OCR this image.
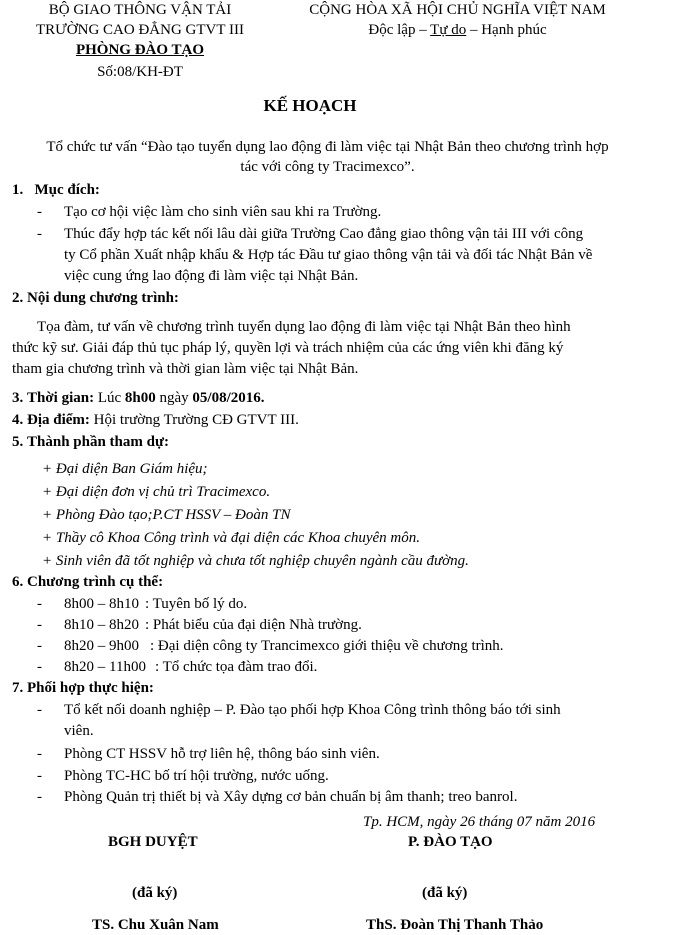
BỘ GIAO THÔNG VẬN TẢI
TRƯỜNG CAO ĐẲNG GTVT III
PHÒNG ĐÀO TẠO
Số:08/KH-ĐT
CỘNG HÒA XÃ HỘI CHỦ NGHĨA VIỆT NAM
Độc lập – Tự do – Hạnh phúc
KẾ HOẠCH
Tổ chức tư vấn “Đào tạo tuyển dụng lao động đi làm việc tại Nhật Bản theo chương trình hợp
tác với công ty Tracimexco”.
1. Mục đích:
- Tạo cơ hội việc làm cho sinh viên sau khi ra Trường.
- Thúc đẩy hợp tác kết nối lâu dài giữa Trường Cao đẳng giao thông vận tải III với công
ty Cổ phần Xuất nhập khẩu & Hợp tác Đầu tư giao thông vận tải và đối tác Nhật Bản về
việc cung ứng lao động đi làm việc tại Nhật Bản.
2. Nội dung chương trình:
Tọa đàm, tư vấn về chương trình tuyển dụng lao động đi làm việc tại Nhật Bản theo hình
thức kỹ sư. Giải đáp thủ tục pháp lý, quyền lợi và trách nhiệm của các ứng viên khi đăng ký
tham gia chương trình và thời gian làm việc tại Nhật Bản.
3. Thời gian: Lúc 8h00 ngày 05/08/2016.
4. Địa điểm: Hội trường Trường CĐ GTVT III.
5. Thành phần tham dự:
+ Đại diện Ban Giám hiệu;
+ Đại diện đơn vị chủ trì Tracimexco.
+ Phòng Đào tạo;P.CT HSSV – Đoàn TN
+ Thầy cô Khoa Công trình và đại diện các Khoa chuyên môn.
+ Sinh viên đã tốt nghiệp và chưa tốt nghiệp chuyên ngành cầu đường.
6. Chương trình cụ thể:
- 8h00 – 8h10 : Tuyên bố lý do.
- 8h10 – 8h20 : Phát biểu của đại diện Nhà trường.
- 8h20 – 9h00 : Đại diện công ty Trancimexco giới thiệu về chương trình.
- 8h20 – 11h00 : Tổ chức tọa đàm trao đổi.
7. Phối hợp thực hiện:
- Tổ kết nối doanh nghiệp – P. Đào tạo phối hợp Khoa Công trình thông báo tới sinh
viên.
- Phòng CT HSSV hỗ trợ liên hệ, thông báo sinh viên.
- Phòng TC-HC bố trí hội trường, nước uống.
- Phòng Quản trị thiết bị và Xây dựng cơ bản chuẩn bị âm thanh; treo banrol.
Tp. HCM, ngày 26 tháng 07 năm 2016
BGH DUYỆT	P. ĐÀO TẠO
(đã ký)	(đã ký)
TS. Chu Xuân Nam	ThS. Đoàn Thị Thanh Thảo
